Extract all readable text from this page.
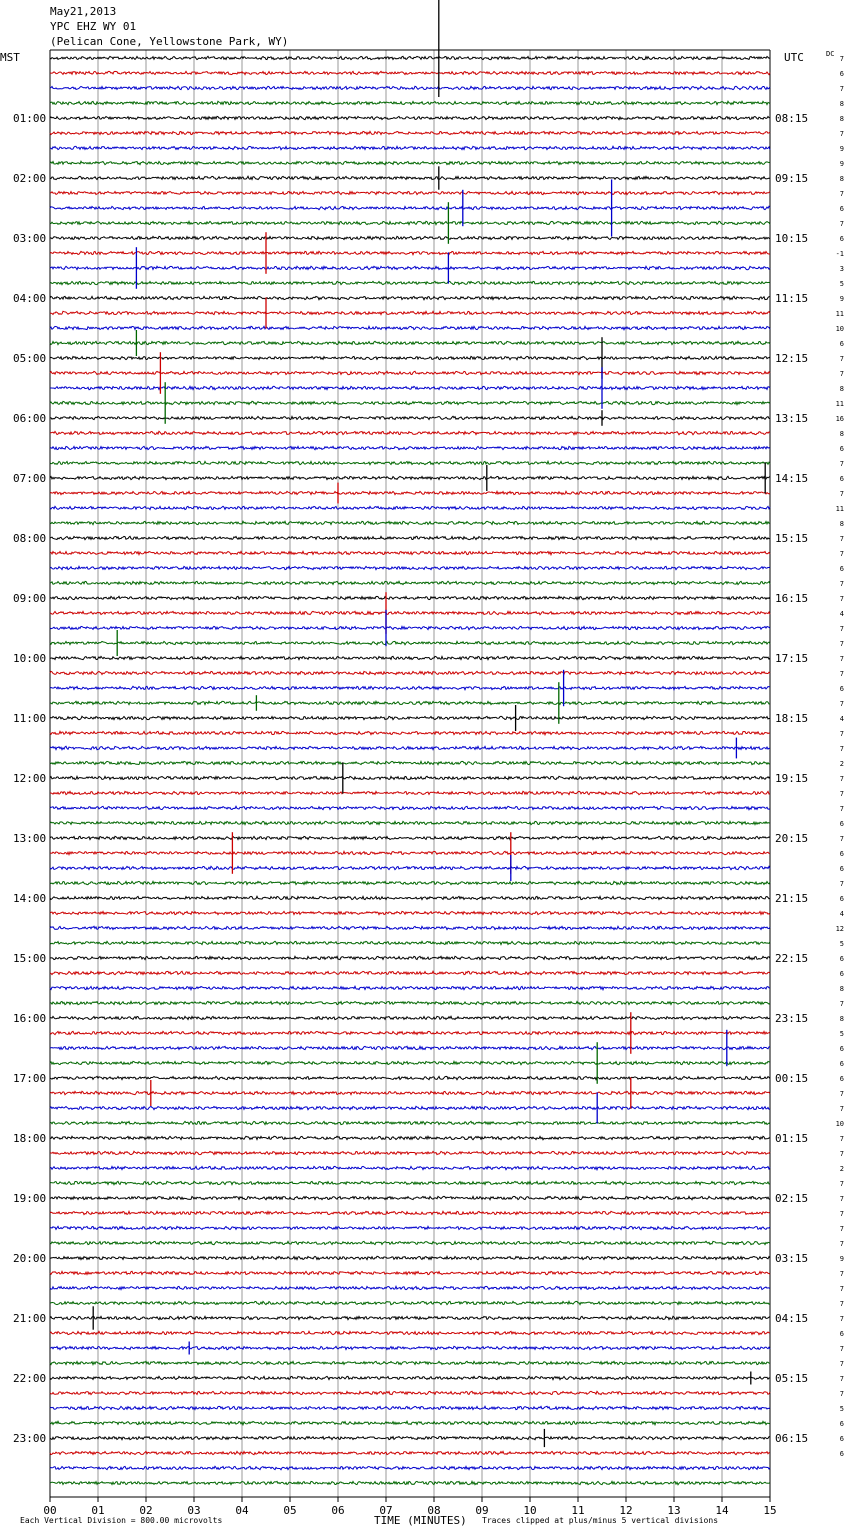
May21,2013
YPC EHZ WY 01
(Pelican Cone, Yellowstone Park, WY)
00	01	02	03	04	05	06	07	08	09	10	11	12	13	14	15
01:00
02:00
03:00
04:00
05:00
06:00
07:00
08:00
09:00
10:00
11:00
12:00
13:00
14:00
15:00
16:00
17:00
18:00
19:00
20:00
21:00
22:00
23:00
08:15
09:15
10:15
11:15
12:15
13:15
14:15
15:15
16:15
17:15
18:15
19:15
20:15
21:15
22:15
23:15
00:15
01:15
02:15
03:15
04:15
05:15
06:15
7
6
7
8
8
7
9
9
8
7
6
7
6
-1
3
5
9
11
10
6
7
7
8
11
16
8
6
7
6
7
11
8
7
7
6
7
7
4
7
7
7
7
6
7
4
7
7
2
7
7
7
6
7
6
6
7
6
4
12
5
6
6
8
7
8
5
6
6
6
7
7
10
7
7
2
7
7
7
7
7
9
7
7
7
7
6
7
7
7
7
5
6
6
6
MST	UTC	DC
TIME (MINUTES)
Each Vertical Division = 800.00 microvolts	Traces clipped at plus/minus 5 vertical divisions
